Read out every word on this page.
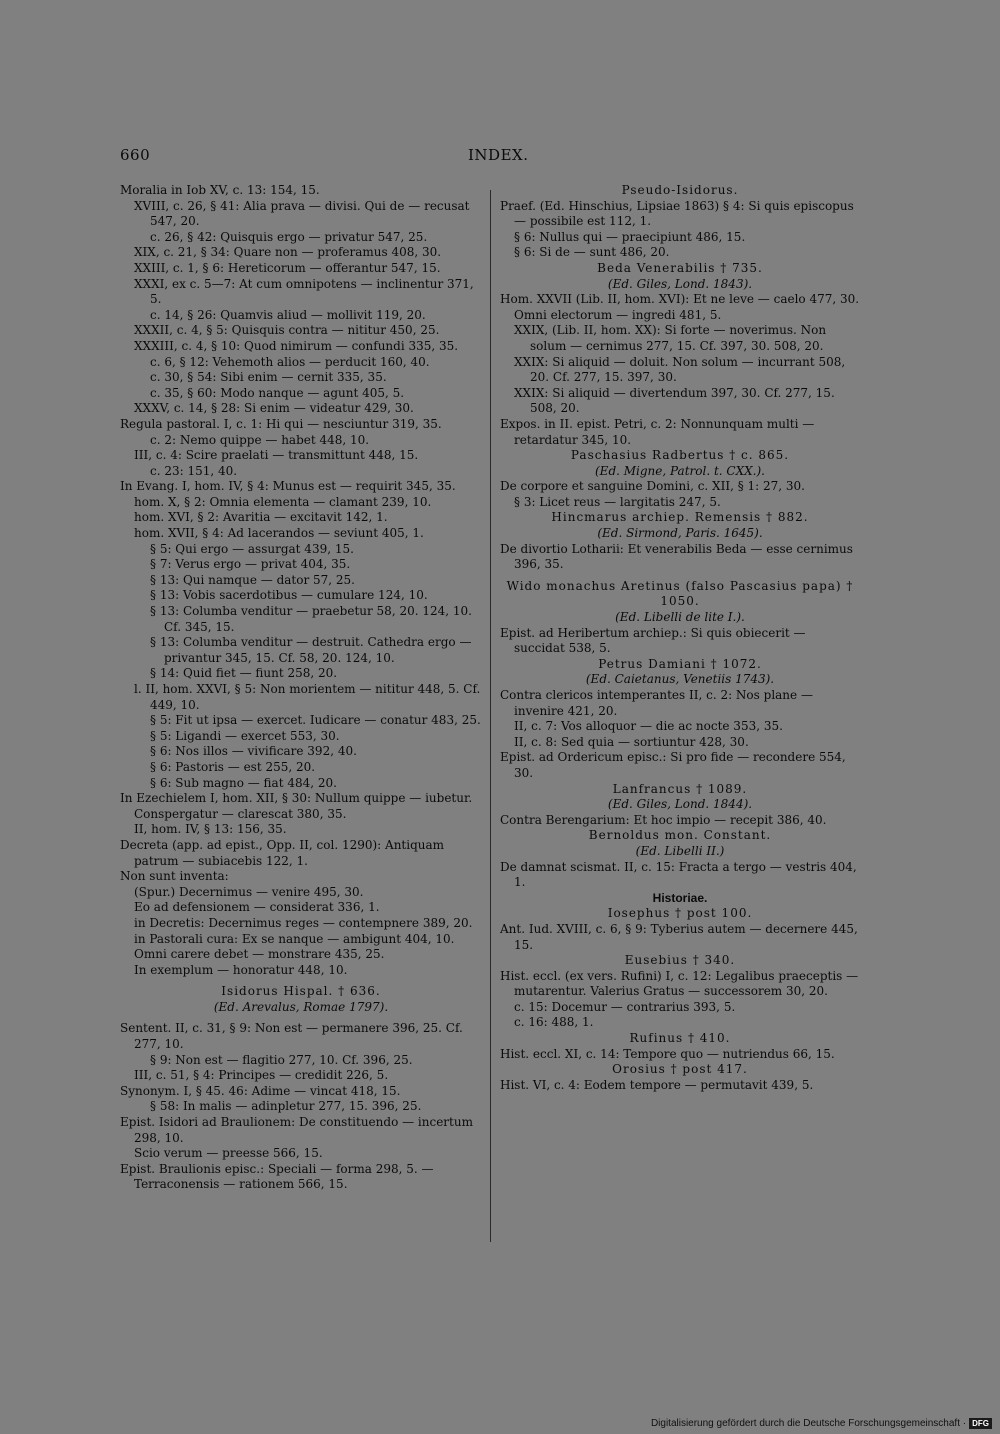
660	INDEX.

Moralia in Iob XV, c. 13: 154, 15.

XVIII, c. 26, § 41: Alia prava — divisi. Qui de — recusat 547, 20.

c. 26, § 42: Quisquis ergo — privatur 547, 25.

XIX, c. 21, § 34: Quare non — proferamus 408, 30.

XXIII, c. 1, § 6: Hereticorum — offerantur 547, 15.

XXXI, ex c. 5—7: At cum omnipotens — inclinentur 371, 5.

c. 14, § 26: Quamvis aliud — mollivit 119, 20.

XXXII, c. 4, § 5: Quisquis contra — nititur 450, 25.

XXXIII, c. 4, § 10: Quod nimirum — confundi 335, 35.

c. 6, § 12: Vehemoth alios — perducit 160, 40.

c. 30, § 54: Sibi enim — cernit 335, 35.

c. 35, § 60: Modo nanque — agunt 405, 5.

XXXV, c. 14, § 28: Si enim — videatur 429, 30.

Regula pastoral. I, c. 1: Hi qui — nesciuntur 319, 35.

c. 2: Nemo quippe — habet 448, 10.

III, c. 4: Scire praelati — transmittunt 448, 15.

c. 23: 151, 40.

In Evang. I, hom. IV, § 4: Munus est — requirit 345, 35.

hom. X, § 2: Omnia elementa — clamant 239, 10.

hom. XVI, § 2: Avaritia — excitavit 142, 1.

hom. XVII, § 4: Ad lacerandos — seviunt 405, 1.

§ 5: Qui ergo — assurgat 439, 15.

§ 7: Verus ergo — privat 404, 35.

§ 13: Qui namque — dator 57, 25.

§ 13: Vobis sacerdotibus — cumulare 124, 10.

§ 13: Columba venditur — praebetur 58, 20. 124, 10. Cf. 345, 15.

§ 13: Columba venditur — destruit. Cathedra ergo — privantur 345, 15. Cf. 58, 20. 124, 10.

§ 14: Quid fiet — fiunt 258, 20.

l. II, hom. XXVI, § 5: Non morientem — nititur 448, 5. Cf. 449, 10.

§ 5: Fit ut ipsa — exercet. Iudicare — conatur 483, 25.

§ 5: Ligandi — exercet 553, 30.

§ 6: Nos illos — vivificare 392, 40.

§ 6: Pastoris — est 255, 20.

§ 6: Sub magno — fiat 484, 20.

In Ezechielem I, hom. XII, § 30: Nullum quippe — iubetur. Conspergatur — clarescat 380, 35.

II, hom. IV, § 13: 156, 35.

Decreta (app. ad epist., Opp. II, col. 1290): Antiquam patrum — subiacebis 122, 1.

Non sunt inventa:

(Spur.) Decernimus — venire 495, 30.

Eo ad defensionem — considerat 336, 1.

in Decretis: Decernimus reges — contempnere 389, 20.

in Pastorali cura: Ex se nanque — ambigunt 404, 10.

Omni carere debet — monstrare 435, 25.

In exemplum — honoratur 448, 10.

Isidorus Hispal. † 636.

(Ed. Arevalus, Romae 1797).

Sentent. II, c. 31, § 9: Non est — permanere 396, 25. Cf. 277, 10.

§ 9: Non est — flagitio 277, 10. Cf. 396, 25.

III, c. 51, § 4: Principes — credidit 226, 5.

Synonym. I, § 45. 46: Adime — vincat 418, 15.

§ 58: In malis — adinpletur 277, 15. 396, 25.

Epist. Isidori ad Braulionem: De constituendo — incertum 298, 10.

Scio verum — preesse 566, 15.

Epist. Braulionis episc.: Speciali — forma 298, 5. — Terraconensis — rationem 566, 15.

Pseudo-Isidorus.

Praef. (Ed. Hinschius, Lipsiae 1863) § 4: Si quis episcopus — possibile est 112, 1.

§ 6: Nullus qui — praecipiunt 486, 15.

§ 6: Si de — sunt 486, 20.

Beda Venerabilis † 735.

(Ed. Giles, Lond. 1843).

Hom. XXVII (Lib. II, hom. XVI): Et ne leve — caelo 477, 30.

Omni electorum — ingredi 481, 5.

XXIX, (Lib. II, hom. XX): Si forte — noverimus. Non solum — cernimus 277, 15. Cf. 397, 30. 508, 20.

XXIX: Si aliquid — doluit. Non solum — incurrant 508, 20. Cf. 277, 15. 397, 30.

XXIX: Si aliquid — divertendum 397, 30. Cf. 277, 15. 508, 20.

Expos. in II. epist. Petri, c. 2: Nonnunquam multi — retardatur 345, 10.

Paschasius Radbertus † c. 865.

(Ed. Migne, Patrol. t. CXX.).

De corpore et sanguine Domini, c. XII, § 1: 27, 30.

§ 3: Licet reus — largitatis 247, 5.

Hincmarus archiep. Remensis † 882.

(Ed. Sirmond, Paris. 1645).

De divortio Lotharii: Et venerabilis Beda — esse cernimus 396, 35.

Wido monachus Aretinus (falso Pascasius papa) † 1050.

(Ed. Libelli de lite I.).

Epist. ad Heribertum archiep.: Si quis obiecerit — succidat 538, 5.

Petrus Damiani † 1072.

(Ed. Caietanus, Venetiis 1743).

Contra clericos intemperantes II, c. 2: Nos plane — invenire 421, 20.

II, c. 7: Vos alloquor — die ac nocte 353, 35.

II, c. 8: Sed quia — sortiuntur 428, 30.

Epist. ad Ordericum episc.: Si pro fide — recondere 554, 30.

Lanfrancus † 1089.

(Ed. Giles, Lond. 1844).

Contra Berengarium: Et hoc impio — recepit 386, 40.

Bernoldus mon. Constant.

(Ed. Libelli II.)

De damnat scismat. II, c. 15: Fracta a tergo — vestris 404, 1.

Historiae.

Iosephus † post 100.

Ant. Iud. XVIII, c. 6, § 9: Tyberius autem — decernere 445, 15.

Eusebius † 340.

Hist. eccl. (ex vers. Rufini) I, c. 12: Legalibus praeceptis — mutarentur. Valerius Gratus — successorem 30, 20.

c. 15: Docemur — contrarius 393, 5.

c. 16: 488, 1.

Rufinus † 410.

Hist. eccl. XI, c. 14: Tempore quo — nutriendus 66, 15.

Orosius † post 417.

Hist. VI, c. 4: Eodem tempore — permutavit 439, 5.

Digitalisierung gefördert durch die Deutsche Forschungsgemeinschaft · DFG
